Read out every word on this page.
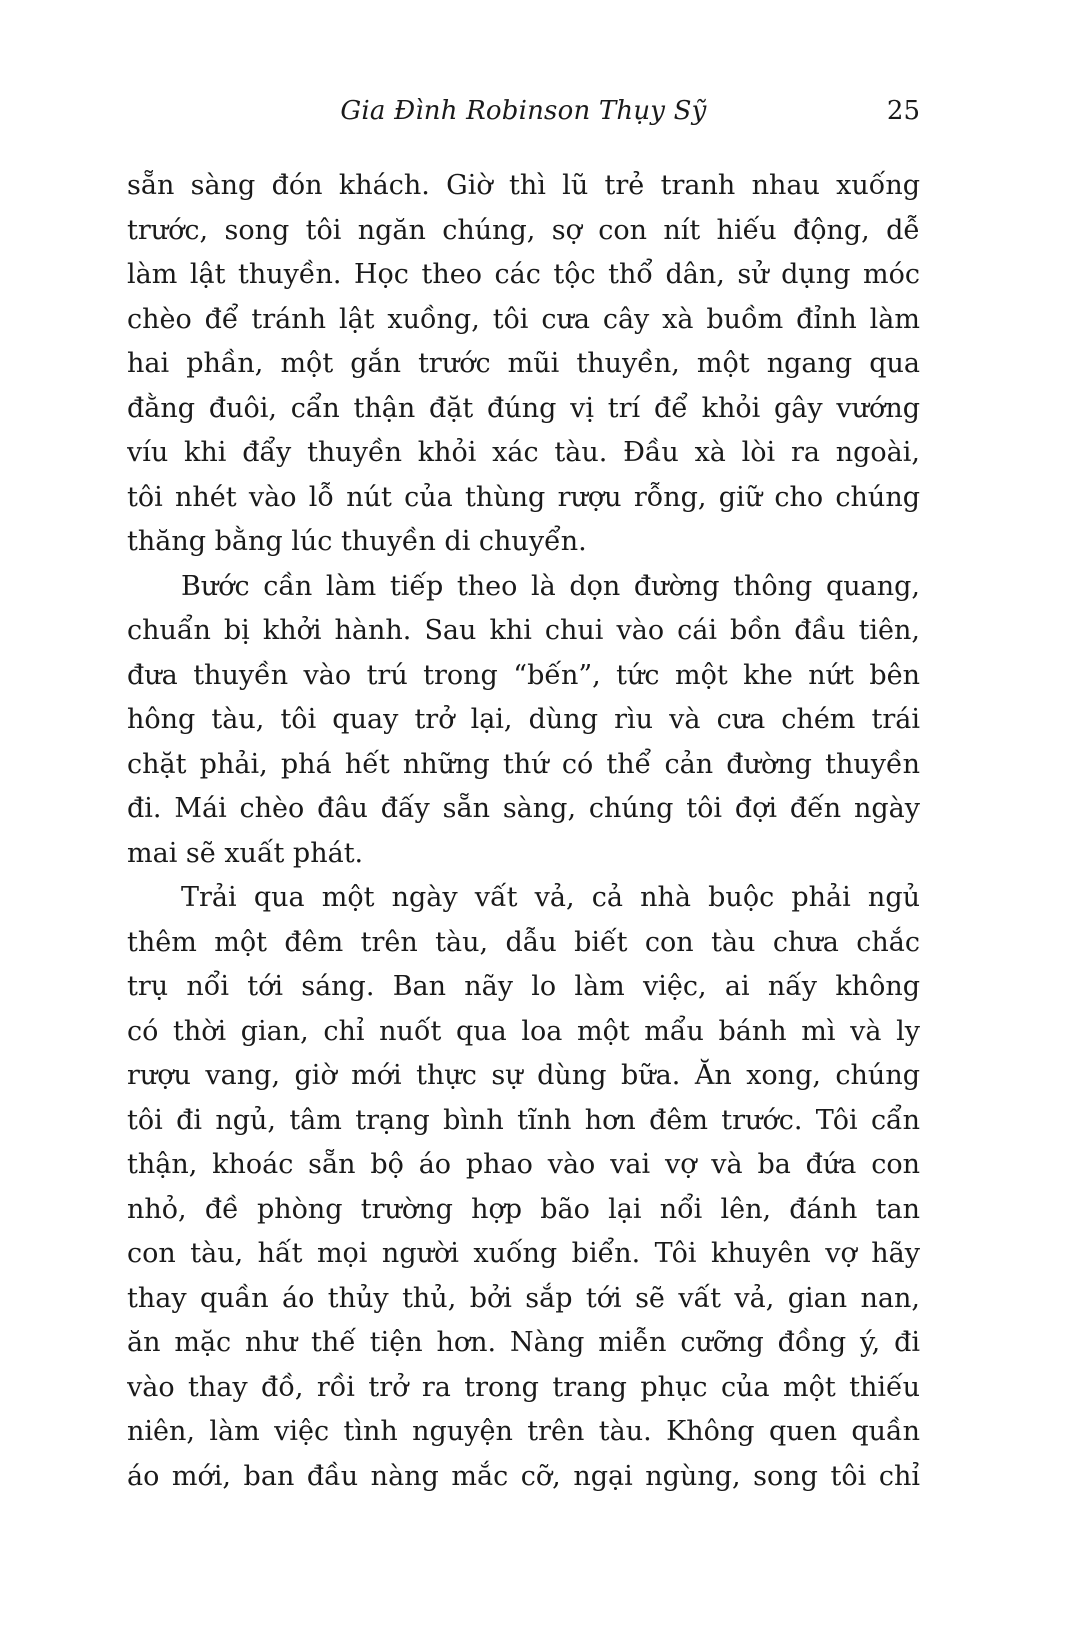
Gia Đình Robinson Thụy Sỹ	25
sẵn sàng đón khách. Giờ thì lũ trẻ tranh nhau xuống
trước, song tôi ngăn chúng, sợ con nít hiếu động, dễ
làm lật thuyền. Học theo các tộc thổ dân, sử dụng móc
chèo để tránh lật xuồng, tôi cưa cây xà buồm đỉnh làm
hai phần, một gắn trước mũi thuyền, một ngang qua
đằng đuôi, cẩn thận đặt đúng vị trí để khỏi gây vướng
víu khi đẩy thuyền khỏi xác tàu. Đầu xà lòi ra ngoài,
tôi nhét vào lỗ nút của thùng rượu rỗng, giữ cho chúng
thăng bằng lúc thuyền di chuyển.
Bước cần làm tiếp theo là dọn đường thông quang,
chuẩn bị khởi hành. Sau khi chui vào cái bồn đầu tiên,
đưa thuyền vào trú trong “bến”, tức một khe nứt bên
hông tàu, tôi quay trở lại, dùng rìu và cưa chém trái
chặt phải, phá hết những thứ có thể cản đường thuyền
đi. Mái chèo đâu đấy sẵn sàng, chúng tôi đợi đến ngày
mai sẽ xuất phát.
Trải qua một ngày vất vả, cả nhà buộc phải ngủ
thêm một đêm trên tàu, dẫu biết con tàu chưa chắc
trụ nổi tới sáng. Ban nãy lo làm việc, ai nấy không
có thời gian, chỉ nuốt qua loa một mẩu bánh mì và ly
rượu vang, giờ mới thực sự dùng bữa. Ăn xong, chúng
tôi đi ngủ, tâm trạng bình tĩnh hơn đêm trước. Tôi cẩn
thận, khoác sẵn bộ áo phao vào vai vợ và ba đứa con
nhỏ, đề phòng trường hợp bão lại nổi lên, đánh tan
con tàu, hất mọi người xuống biển. Tôi khuyên vợ hãy
thay quần áo thủy thủ, bởi sắp tới sẽ vất vả, gian nan,
ăn mặc như thế tiện hơn. Nàng miễn cưỡng đồng ý, đi
vào thay đồ, rồi trở ra trong trang phục của một thiếu
niên, làm việc tình nguyện trên tàu. Không quen quần
áo mới, ban đầu nàng mắc cỡ, ngại ngùng, song tôi chỉ
